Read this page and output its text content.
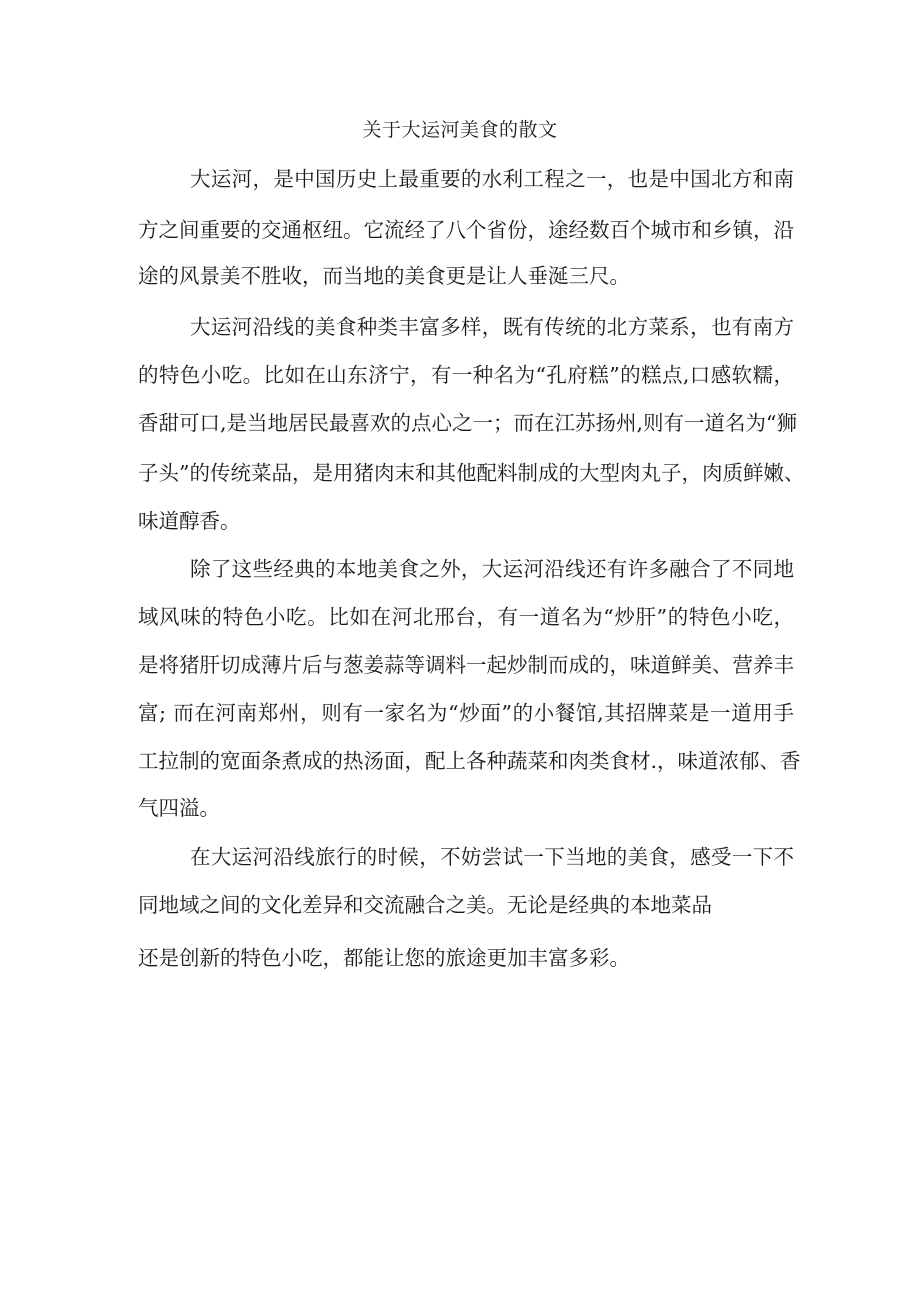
关于大运河美食的散文
大运河，是中国历史上最重要的水利工程之一，也是中国北方和南
方之间重要的交通枢纽。它流经了八个省份，途经数百个城市和乡镇，沿
途的风景美不胜收，而当地的美食更是让人垂涎三尺。
大运河沿线的美食种类丰富多样，既有传统的北方菜系，也有南方
的特色小吃。比如在山东济宁，有一种名为“孔府糕”的糕点,口感软糯，
香甜可口,是当地居民最喜欢的点心之一；而在江苏扬州,则有一道名为“狮
子头”的传统菜品，是用猪肉末和其他配料制成的大型肉丸子，肉质鲜嫩、
味道醇香。
除了这些经典的本地美食之外，大运河沿线还有许多融合了不同地
域风味的特色小吃。比如在河北邢台，有一道名为“炒肝”的特色小吃，
是将猪肝切成薄片后与葱姜蒜等调料一起炒制而成的，味道鲜美、营养丰
富; 而在河南郑州，则有一家名为“炒面”的小餐馆,其招牌菜是一道用手
工拉制的宽面条煮成的热汤面，配上各种蔬菜和肉类食材.，味道浓郁、香
气四溢。
在大运河沿线旅行的时候，不妨尝试一下当地的美食，感受一下不
同地域之间的文化差异和交流融合之美。无论是经典的本地菜品
还是创新的特色小吃，都能让您的旅途更加丰富多彩。
